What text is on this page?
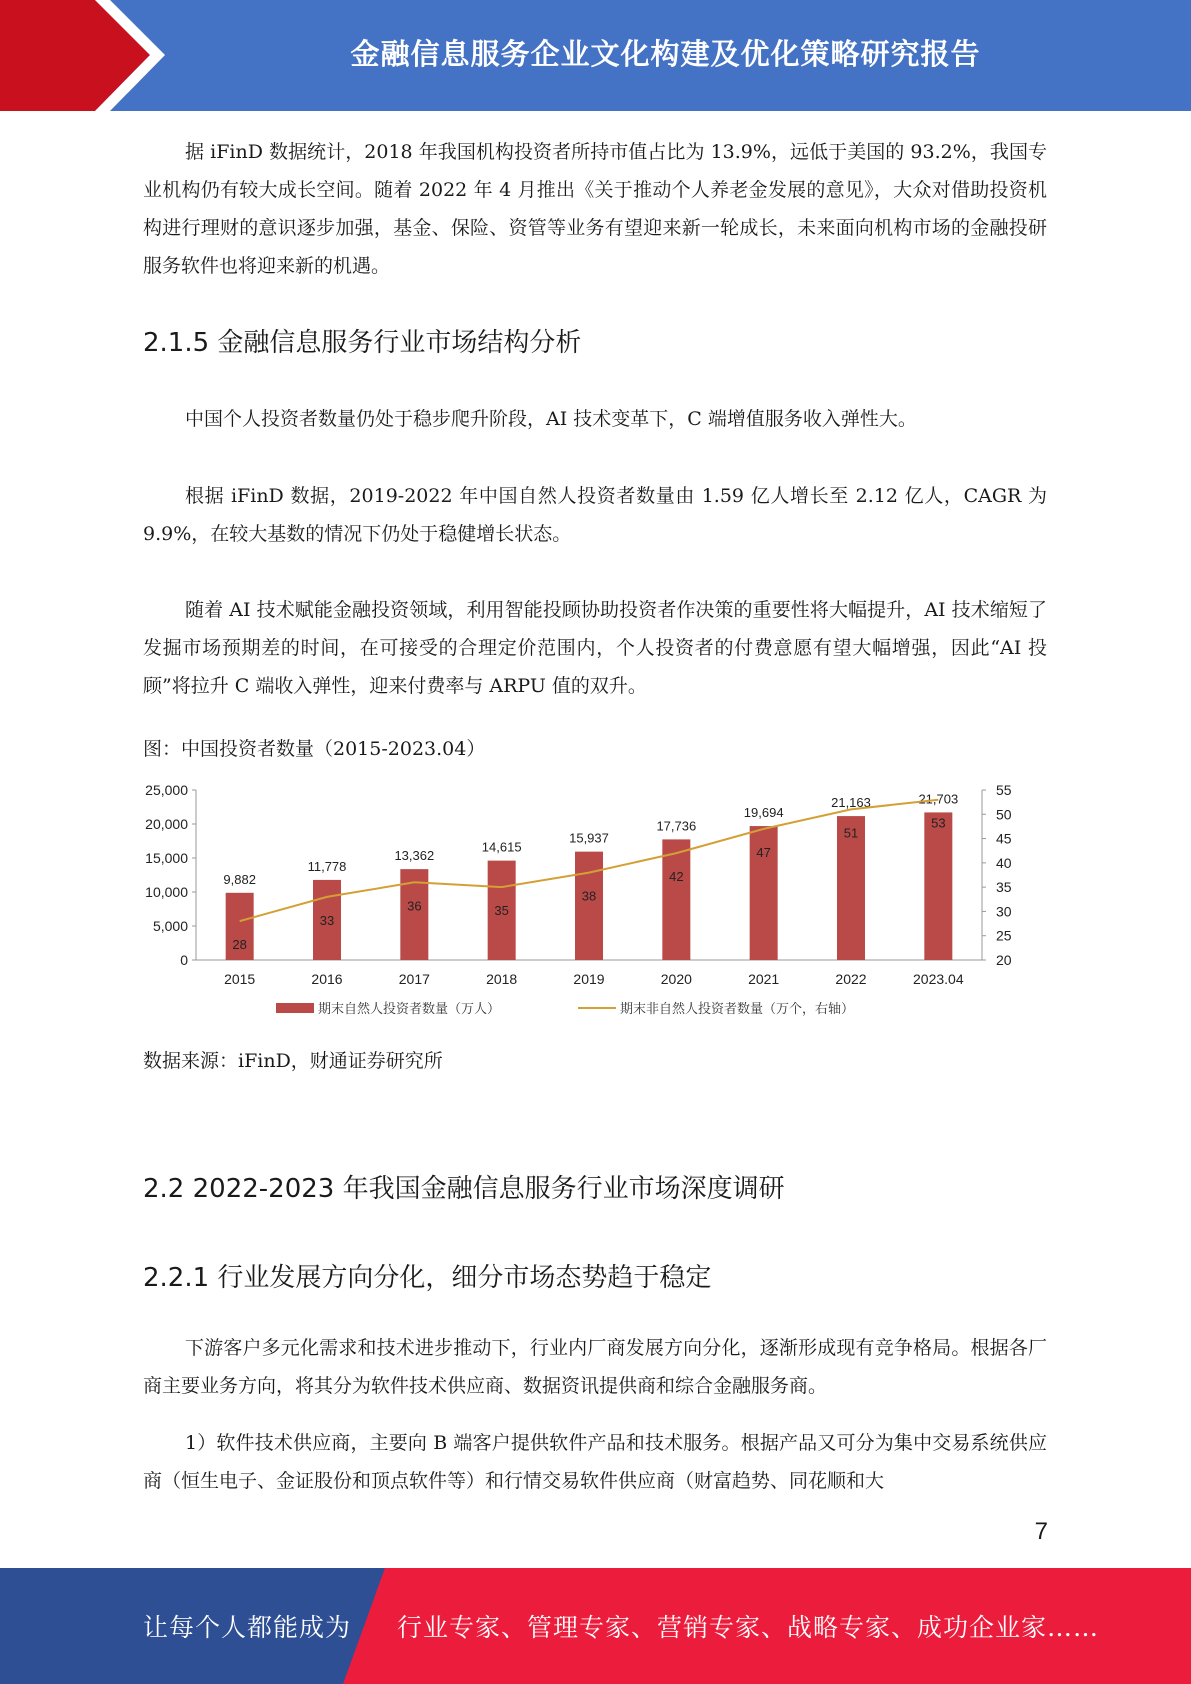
金融信息服务企业文化构建及优化策略研究报告
据 iFinD 数据统计，2018 年我国机构投资者所持市值占比为 13.9%，远低于美国的 93.2%，我国专业机构仍有较大成长空间。随着 2022 年 4 月推出《关于推动个人养老金发展的意见》，大众对借助投资机构进行理财的意识逐步加强，基金、保险、资管等业务有望迎来新一轮成长，未来面向机构市场的金融投研服务软件也将迎来新的机遇。
2.1.5 金融信息服务行业市场结构分析
中国个人投资者数量仍处于稳步爬升阶段，AI 技术变革下，C 端增值服务收入弹性大。
根据 iFinD 数据，2019-2022 年中国自然人投资者数量由 1.59 亿人增长至 2.12 亿人，CAGR 为 9.9%，在较大基数的情况下仍处于稳健增长状态。
随着 AI 技术赋能金融投资领域，利用智能投顾协助投资者作决策的重要性将大幅提升，AI 技术缩短了发掘市场预期差的时间，在可接受的合理定价范围内，个人投资者的付费意愿有望大幅增强，因此“AI 投顾”将拉升 C 端收入弹性，迎来付费率与 ARPU 值的双升。
图：中国投资者数量（2015-2023.04）
0
5,000
10,000
15,000
20,000
25,000
20
25
30
35
40
45
50
55
9,882
2015
28
11,778
2016
33
13,362
2017
36
14,615
2018
35
15,937
2019
38
17,736
2020
42
19,694
2021
47
21,163
2022
51
21,703
2023.04
53
期末自然人投资者数量（万人）	期末非自然人投资者数量（万个，右轴）
数据来源：iFinD，财通证券研究所
2.2 2022-2023 年我国金融信息服务行业市场深度调研
2.2.1 行业发展方向分化，细分市场态势趋于稳定
下游客户多元化需求和技术进步推动下，行业内厂商发展方向分化，逐渐形成现有竞争格局。根据各厂商主要业务方向，将其分为软件技术供应商、数据资讯提供商和综合金融服务商。
1）软件技术供应商，主要向 B 端客户提供软件产品和技术服务。根据产品又可分为集中交易系统供应商（恒生电子、金证股份和顶点软件等）和行情交易软件供应商（财富趋势、同花顺和大
7
让每个人都能成为 行业专家、管理专家、营销专家、战略专家、成功企业家……
